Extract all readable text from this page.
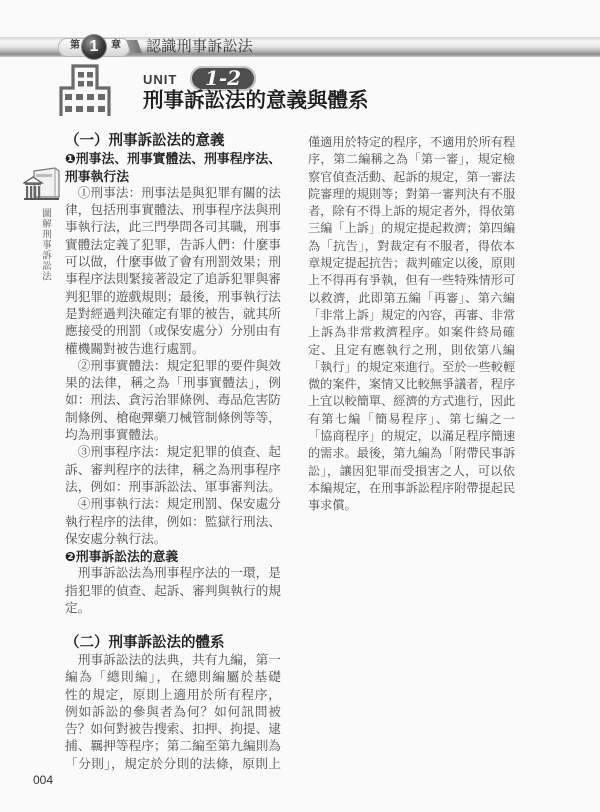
第 1	章 認識刑事訴訟法
UNIT	1-2
刑事訴訟法的意義與體系
圖解刑事訴訟法
（一）刑事訴訟法的意義
❶刑事法、刑事實體法、刑事程序法、
刑事執行法
①刑事法：刑事法是與犯罪有關的法
律，包括刑事實體法、刑事程序法與刑
事執行法，此三門學問各司其職，刑事
實體法定義了犯罪，告訴人們：什麼事
可以做，什麼事做了會有刑罰效果；刑
事程序法則緊接著設定了追訴犯罪與審
判犯罪的遊戲規則；最後，刑事執行法
是對經過判決確定有罪的被告，就其所
應接受的刑罰（或保安處分）分別由有
權機關對被告進行處罰。
②刑事實體法：規定犯罪的要件與效
果的法律，稱之為「刑事實體法」，例
如：刑法、貪污治罪條例、毒品危害防
制條例、槍砲彈藥刀械管制條例等等，
均為刑事實體法。
③刑事程序法：規定犯罪的偵查、起
訴、審判程序的法律，稱之為刑事程序
法，例如：刑事訴訟法、軍事審判法。
④刑事執行法：規定刑罰、保安處分
執行程序的法律，例如：監獄行刑法、
保安處分執行法。
❷刑事訴訟法的意義
刑事訴訟法為刑事程序法的一環，是
指犯罪的偵查、起訴、審判與執行的規
定。
（二）刑事訴訟法的體系
刑事訴訟法的法典，共有九編，第一
編為「總則編」，在總則編屬於基礎
性的規定，原則上適用於所有程序，
例如訴訟的參與者為何？如何訊問被
告？如何對被告搜索、扣押、拘提、逮
捕、羈押等程序；第二編至第九編則為
「分則」，規定於分則的法條，原則上
僅適用於特定的程序，不適用於所有程
序，第二編稱之為「第一審」，規定檢
察官偵查活動、起訴的規定，第一審法
院審理的規則等；對第一審判決有不服
者，除有不得上訴的規定者外，得依第
三編「上訴」的規定提起救濟；第四編
為「抗告」，對裁定有不服者，得依本
章規定提起抗告；裁判確定以後，原則
上不得再有爭執，但有一些特殊情形可
以救濟，此即第五編「再審」、第六編
「非常上訴」規定的內容，再審、非常
上訴為非常救濟程序。如案件終局確
定、且定有應執行之刑，則依第八編
「執行」的規定來進行。至於一些較輕
微的案件，案情又比較無爭議者，程序
上宜以較簡單、經濟的方式進行，因此
有第七編「簡易程序」、第七編之一
「協商程序」的規定，以滿足程序簡速
的需求。最後，第九編為「附帶民事訴
訟」，讓因犯罪而受損害之人，可以依
本編規定，在刑事訴訟程序附帶提起民
事求償。
004
